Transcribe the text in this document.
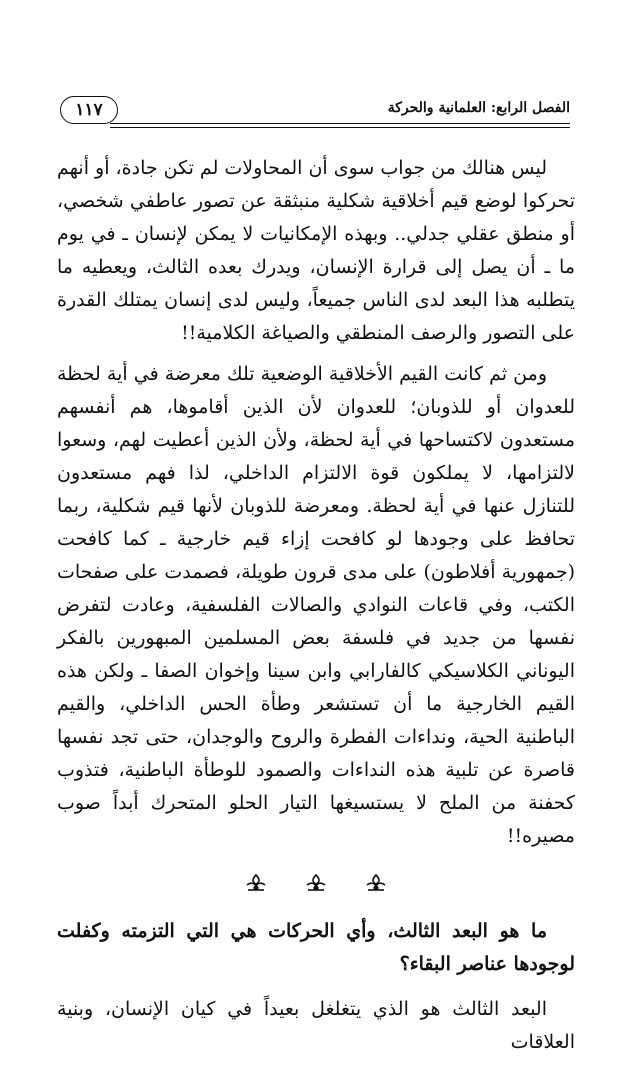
١١٧	الفصل الرابع: العلمانية والحركة

ليس هنالك من جواب سوى أن المحاولات لم تكن جادة، أو أنهم تحركوا لوضع قيم أخلاقية شكلية منبثقة عن تصور عاطفي شخصي، أو منطق عقلي جدلي.. وبهذه الإمكانيات لا يمكن لإنسان ـ في يوم ما ـ أن يصل إلى قرارة الإنسان، ويدرك بعده الثالث، ويعطيه ما يتطلبه هذا البعد لدى الناس جميعاً، وليس لدى إنسان يمتلك القدرة على التصور والرصف المنطقي والصياغة الكلامية!!

ومن ثم كانت القيم الأخلاقية الوضعية تلك معرضة في أية لحظة للعدوان أو للذوبان؛ للعدوان لأن الذين أقاموها، هم أنفسهم مستعدون لاكتساحها في أية لحظة، ولأن الذين أعطيت لهم، وسعوا لالتزامها، لا يملكون قوة الالتزام الداخلي، لذا فهم مستعدون للتنازل عنها في أية لحظة. ومعرضة للذوبان لأنها قيم شكلية، ربما تحافظ على وجودها لو كافحت إزاء قيم خارجية ـ كما كافحت (جمهورية أفلاطون) على مدى قرون طويلة، فصمدت على صفحات الكتب، وفي قاعات النوادي والصالات الفلسفية، وعادت لتفرض نفسها من جديد في فلسفة بعض المسلمين المبهورين بالفكر اليوناني الكلاسيكي كالفارابي وابن سينا وإخوان الصفا ـ ولكن هذه القيم الخارجية ما أن تستشعر وطأة الحس الداخلي، والقيم الباطنية الحية، ونداءات الفطرة والروح والوجدان، حتى تجد نفسها قاصرة عن تلبية هذه النداءات والصمود للوطأة الباطنية، فتذوب كحفنة من الملح لا يستسيغها التيار الحلو المتحرك أبداً صوب مصيره!!

ما هو البعد الثالث، وأي الحركات هي التي التزمته وكفلت لوجودها عناصر البقاء؟

البعد الثالث هو الذي يتغلغل بعيداً في كيان الإنسان، وبنية العلاقات
